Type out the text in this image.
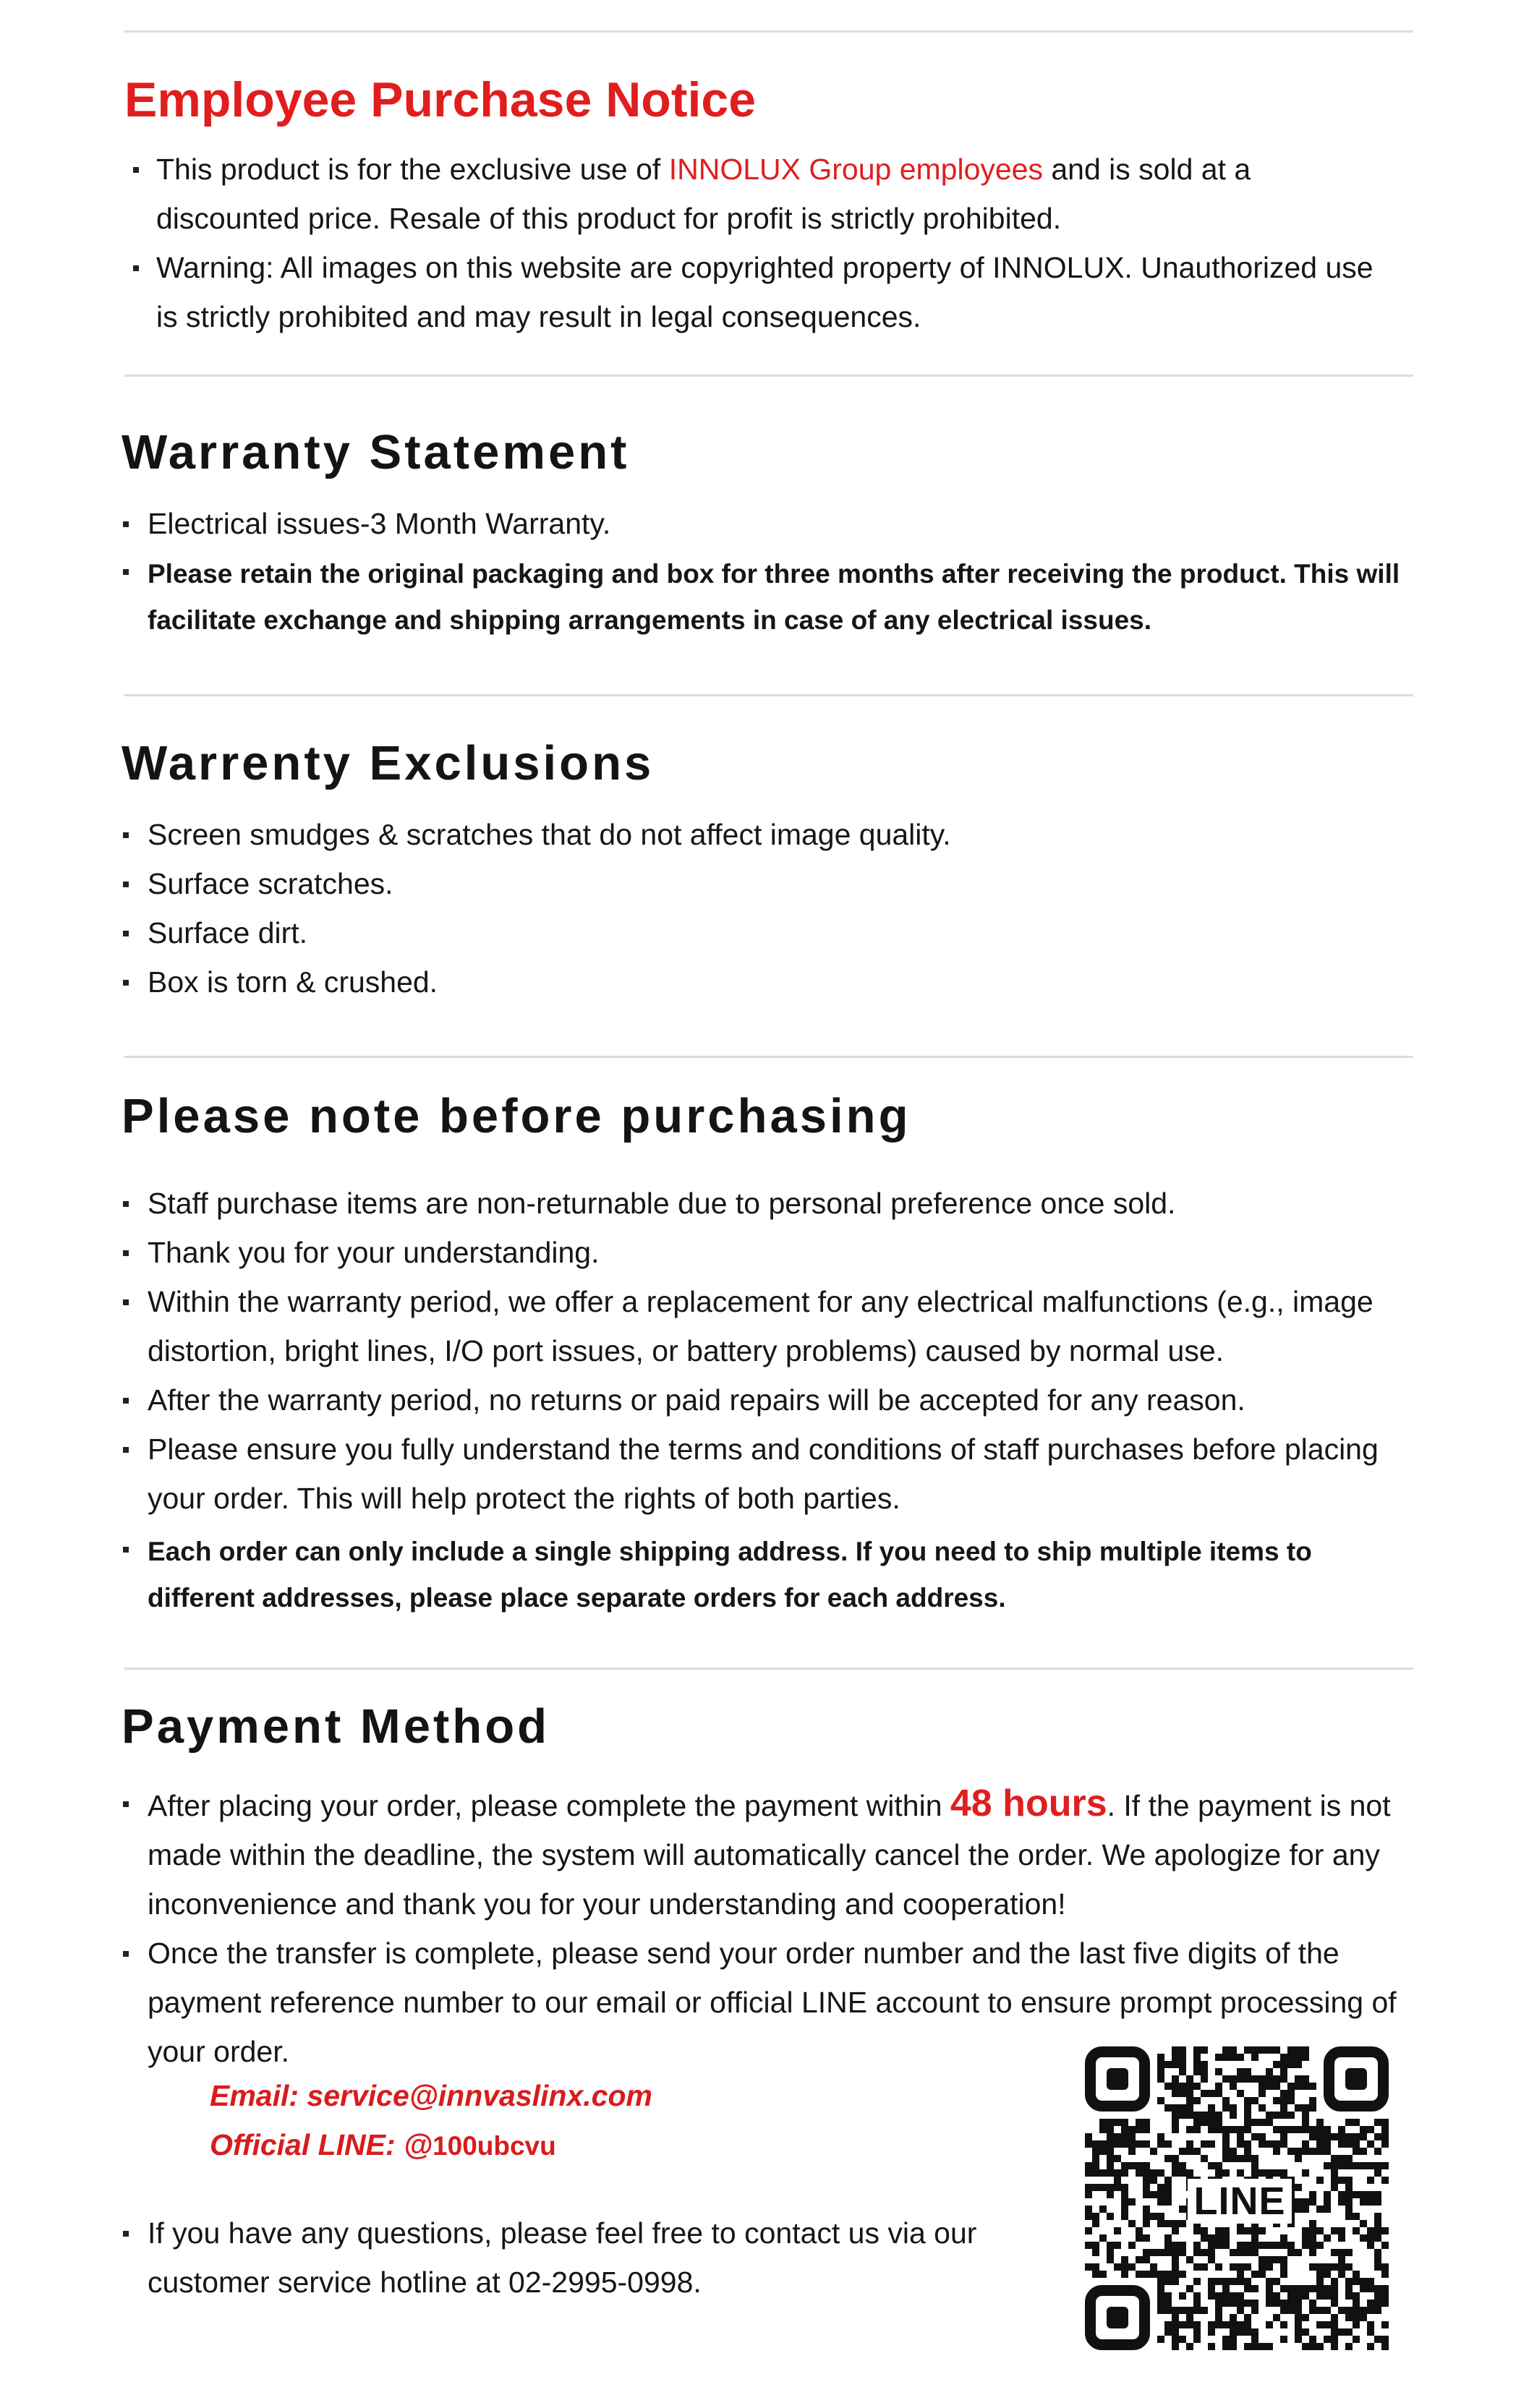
Employee Purchase Notice
This product is for the exclusive use of INNOLUX Group employees and is sold at a discounted price. Resale of this product for profit is strictly prohibited.
Warning: All images on this website are copyrighted property of INNOLUX. Unauthorized use is strictly prohibited and may result in legal consequences.
Warranty Statement
Electrical issues-3 Month Warranty.
Please retain the original packaging and box for three months after receiving the product. This will facilitate exchange and shipping arrangements in case of any electrical issues.
Warrenty Exclusions
Screen smudges & scratches that do not affect image quality.
Surface scratches.
Surface dirt.
Box is torn & crushed.
Please note before purchasing
Staff purchase items are non-returnable due to personal preference once sold.
Thank you for your understanding.
Within the warranty period, we offer a replacement for any electrical malfunctions (e.g., image distortion, bright lines, I/O port issues, or battery problems) caused by normal use.
After the warranty period, no returns or paid repairs will be accepted for any reason.
Please ensure you fully understand the terms and conditions of staff purchases before placing your order. This will help protect the rights of both parties.
Each order can only include a single shipping address. If you need to ship multiple items to different addresses, please place separate orders for each address.
Payment Method
After placing your order, please complete the payment within 48 hours. If the payment is not made within the deadline, the system will automatically cancel the order. We apologize for any inconvenience and thank you for your understanding and cooperation!
Once the transfer is complete, please send your order number and the last five digits of the payment reference number to our email or official LINE account to ensure prompt processing of your order.
Email: service@innvaslinx.com
Official LINE: @100ubcvu
If you have any questions, please feel free to contact us via our customer service hotline at 02-2995-0998.
LINE
